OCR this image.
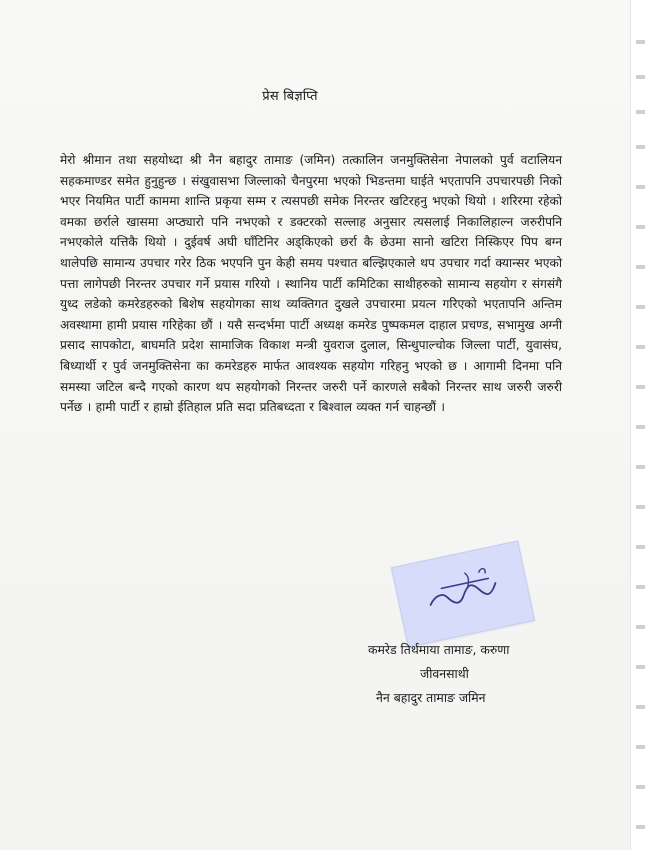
प्रेस बिज्ञप्ति
मेरो श्रीमान तथा सहयोध्दा श्री नैन बहादुर तामाङ (जमिन) तत्कालिन जनमुक्तिसेना नेपालको पुर्व वटालियन सहकमाण्डर समेत हुनुहुन्छ । संखुवासभा जिल्लाको चैनपुरमा भएको भिडन्तमा घाईते भएतापनि उपचारपछी निको भएर नियमित पार्टी काममा शान्ति प्रकृया सम्म र त्यसपछी समेक निरन्तर खटिरहनु भएको थियो । शरिरमा रहेको वमका छर्राले खासमा अप्ठ्यारो पनि नभएको र डक्टरको सल्लाह अनुसार त्यसलाई निकालिहाल्न जरुरीपनि नभएकोले यत्तिकै थियो । दुईवर्ष अघी घाँटिनिर अड्किएको छर्रा कै छेउमा सानो खटिरा निस्किएर पिप बग्न थालेपछि सामान्य उपचार गरेर ठिक भएपनि पुन केही समय पश्चात बल्झिएकाले थप उपचार गर्दा क्यान्सर भएको पत्ता लागेपछी निरन्तर उपचार गर्ने प्रयास गरियो । स्थानिय पार्टी कमिटिका साथीहरुको सामान्य सहयोग र संगसंगै युध्द लडेको कमरेडहरुको बिशेष सहयोगका साथ व्यक्तिगत दुखले उपचारमा प्रयत्न गरिएको भएतापनि अन्तिम अवस्थामा हामी प्रयास गरिहेका छौं । यसै सन्दर्भमा पार्टी अध्यक्ष कमरेड पुष्पकमल दाहाल प्रचण्ड, सभामुख अग्नी प्रसाद सापकोटा, बाघमति प्रदेश सामाजिक विकाश मन्त्री युवराज दुलाल, सिन्धुपाल्चोक जिल्ला पार्टी, युवासंघ, बिध्यार्थी र पुर्व जनमुक्तिसेना का कमरेडहरु मार्फत आवश्यक सहयोग गरिहनु भएको छ । आगामी दिनमा पनि समस्या जटिल बन्दै गएको कारण थप सहयोगको निरन्तर जरुरी पर्ने कारणले सबैको निरन्तर साथ जरुरी जरुरी पर्नेछ । हामी पार्टी र हाम्रो ईतिहाल प्रति सदा प्रतिबध्दता र बिश्वाल व्यक्त गर्न चाहन्छौं ।
कमरेड तिर्थमाया तामाङ, करुणा
जीवनसाथी
नैन बहादुर तामाङ जमिन
